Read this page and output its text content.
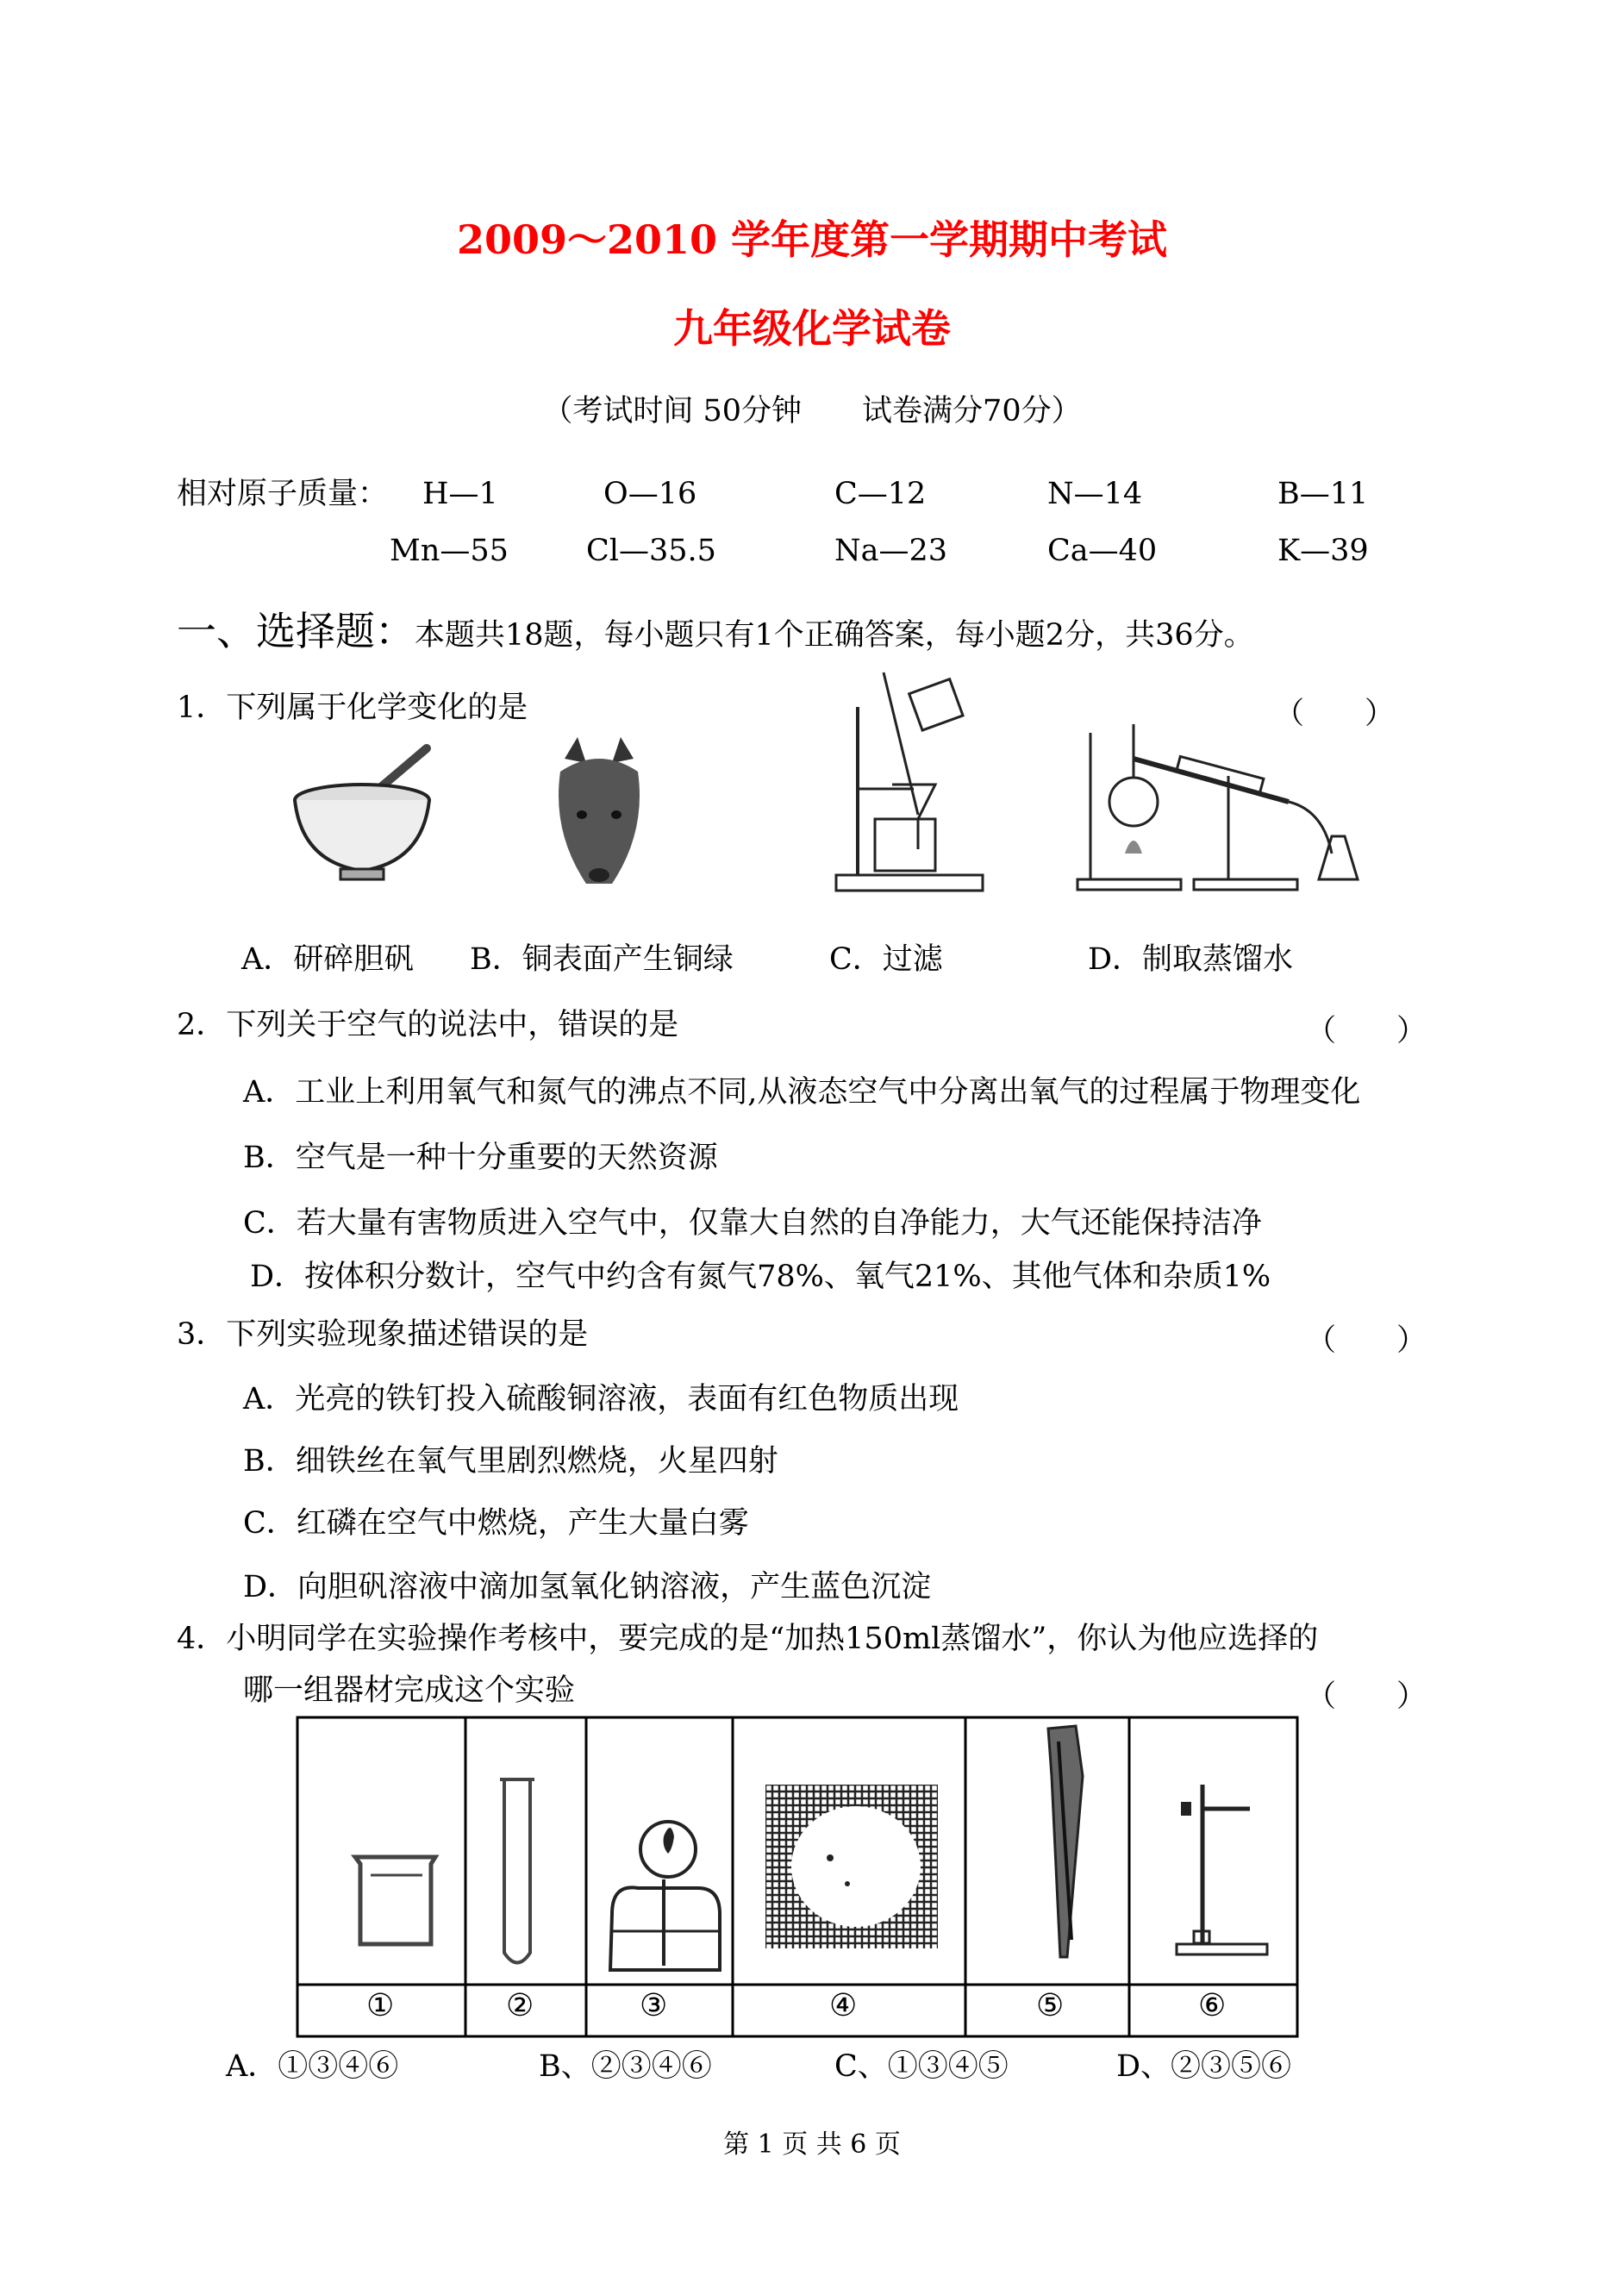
2009～2010 学年度第一学期期中考试
九年级化学试卷
（考试时间 50分钟　　试卷满分70分）
相对原子质量： H—1	O—16	C—12	N—14	B—11
Mn—55	Cl—35.5	Na—23	Ca—40	K—39
一、选择题：本题共18题，每小题只有1个正确答案，每小题2分，共36分。
1．下列属于化学变化的是	（　　）
A．研碎胆矾 B．铜表面产生铜绿	C．过滤	D．制取蒸馏水
2．下列关于空气的说法中，错误的是	（　　）
A．工业上利用氧气和氮气的沸点不同,从液态空气中分离出氧气的过程属于物理变化
B．空气是一种十分重要的天然资源
C．若大量有害物质进入空气中，仅靠大自然的自净能力，大气还能保持洁净
D．按体积分数计，空气中约含有氮气78%、氧气21%、其他气体和杂质1%
3．下列实验现象描述错误的是	（　　）
A．光亮的铁钉投入硫酸铜溶液，表面有红色物质出现
B．细铁丝在氧气里剧烈燃烧，火星四射
C．红磷在空气中燃烧，产生大量白雾
D．向胆矾溶液中滴加氢氧化钠溶液，产生蓝色沉淀
4．小明同学在实验操作考核中，要完成的是“加热150ml蒸馏水”，你认为他应选择的
哪一组器材完成这个实验	（　　）
①	②	③	④	⑤	⑥
A．①③④⑥	B、②③④⑥	C、①③④⑤	D、②③⑤⑥
第 1 页 共 6 页
